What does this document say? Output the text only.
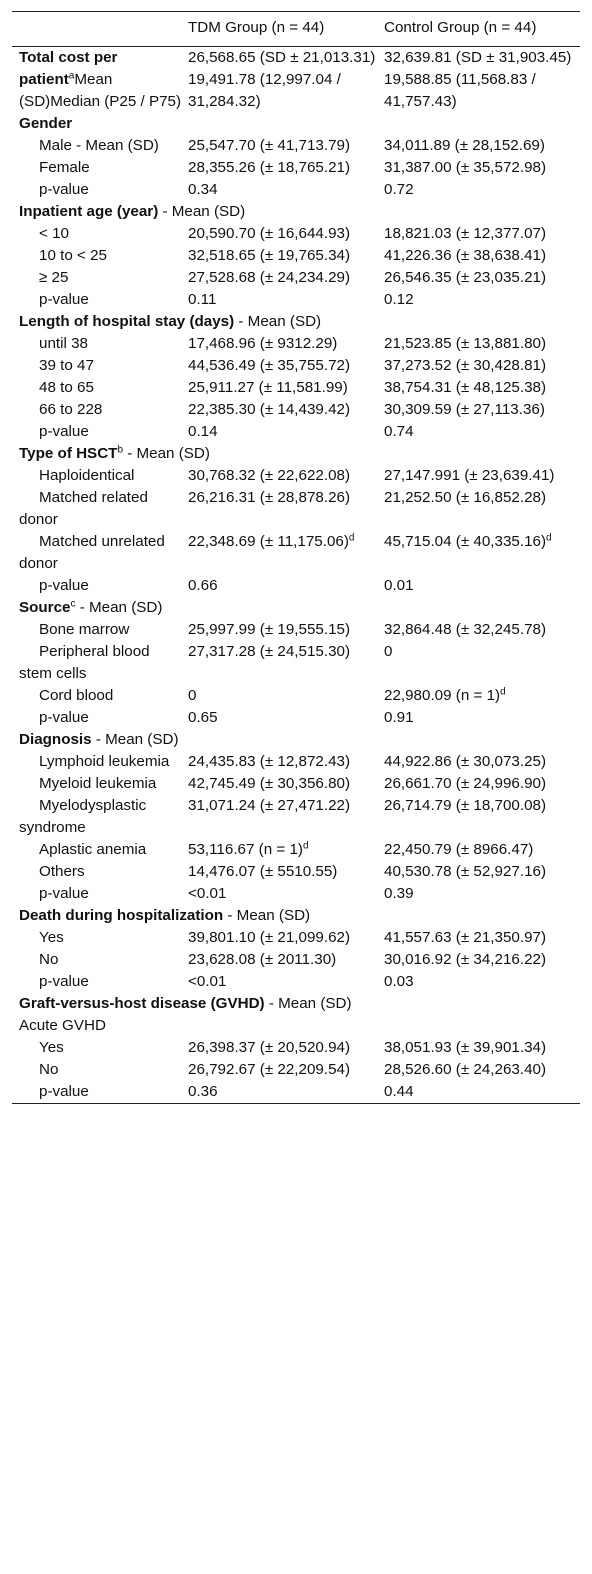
	TDM Group (n = 44)	Control Group (n = 44)
Total cost per patient$^a$Mean (SD)Median (P25 / P75)	26,568.65 (SD ± 21,013.31) 19,491.78 (12,997.04 / 31,284.32)	32,639.81 (SD ± 31,903.45) 19,588.85 (11,568.83 / 41,757.43)
Gender		
Male - Mean (SD)	25,547.70 (± 41,713.79)	34,011.89 (± 28,152.69)
Female	28,355.26 (± 18,765.21)	31,387.00 (± 35,572.98)
p-value	0.34	0.72
Inpatient age (year) - Mean (SD)		
< 10	20,590.70 (± 16,644.93)	18,821.03 (± 12,377.07)
10 to < 25	32,518.65 (± 19,765.34)	41,226.36 (± 38,638.41)
≥ 25	27,528.68 (± 24,234.29)	26,546.35 (± 23,035.21)
p-value	0.11	0.12
Length of hospital stay (days) - Mean (SD)		
until 38	17,468.96 (± 9312.29)	21,523.85 (± 13,881.80)
39 to 47	44,536.49 (± 35,755.72)	37,273.52 (± 30,428.81)
48 to 65	25,911.27 (± 11,581.99)	38,754.31 (± 48,125.38)
66 to 228	22,385.30 (± 14,439.42)	30,309.59 (± 27,113.36)
p-value	0.14	0.74
Type of HSCT$^b$ - Mean (SD)		
Haploidentical	30,768.32 (± 22,622.08)	27,147.991 (± 23,639.41)
Matched related donor	26,216.31 (± 28,878.26)	21,252.50 (± 16,852.28)
Matched unrelated donor	22,348.69 (± 11,175.06)$^d$	45,715.04 (± 40,335.16)$^d$
p-value	0.66	0.01
Source$^c$ - Mean (SD)		
Bone marrow	25,997.99 (± 19,555.15)	32,864.48 (± 32,245.78)
Peripheral blood stem cells	27,317.28 (± 24,515.30)	0
Cord blood	0	22,980.09 (n = 1)$^d$
p-value	0.65	0.91
Diagnosis - Mean (SD)		
Lymphoid leukemia	24,435.83 (± 12,872.43)	44,922.86 (± 30,073.25)
Myeloid leukemia	42,745.49 (± 30,356.80)	26,661.70 (± 24,996.90)
Myelodysplastic syndrome	31,071.24 (± 27,471.22)	26,714.79 (± 18,700.08)
Aplastic anemia	53,116.67 (n = 1)$^d$	22,450.79 (± 8966.47)
Others	14,476.07 (± 5510.55)	40,530.78 (± 52,927.16)
p-value	<0.01	0.39
Death during hospitalization - Mean (SD)		
Yes	39,801.10 (± 21,099.62)	41,557.63 (± 21,350.97)
No	23,628.08 (± 2011.30)	30,016.92 (± 34,216.22)
p-value	<0.01	0.03
Graft-versus-host disease (GVHD) - Mean (SD)		
Acute GVHD		
Yes	26,398.37 (± 20,520.94)	38,051.93 (± 39,901.34)
No	26,792.67 (± 22,209.54)	28,526.60 (± 24,263.40)
p-value	0.36	0.44
